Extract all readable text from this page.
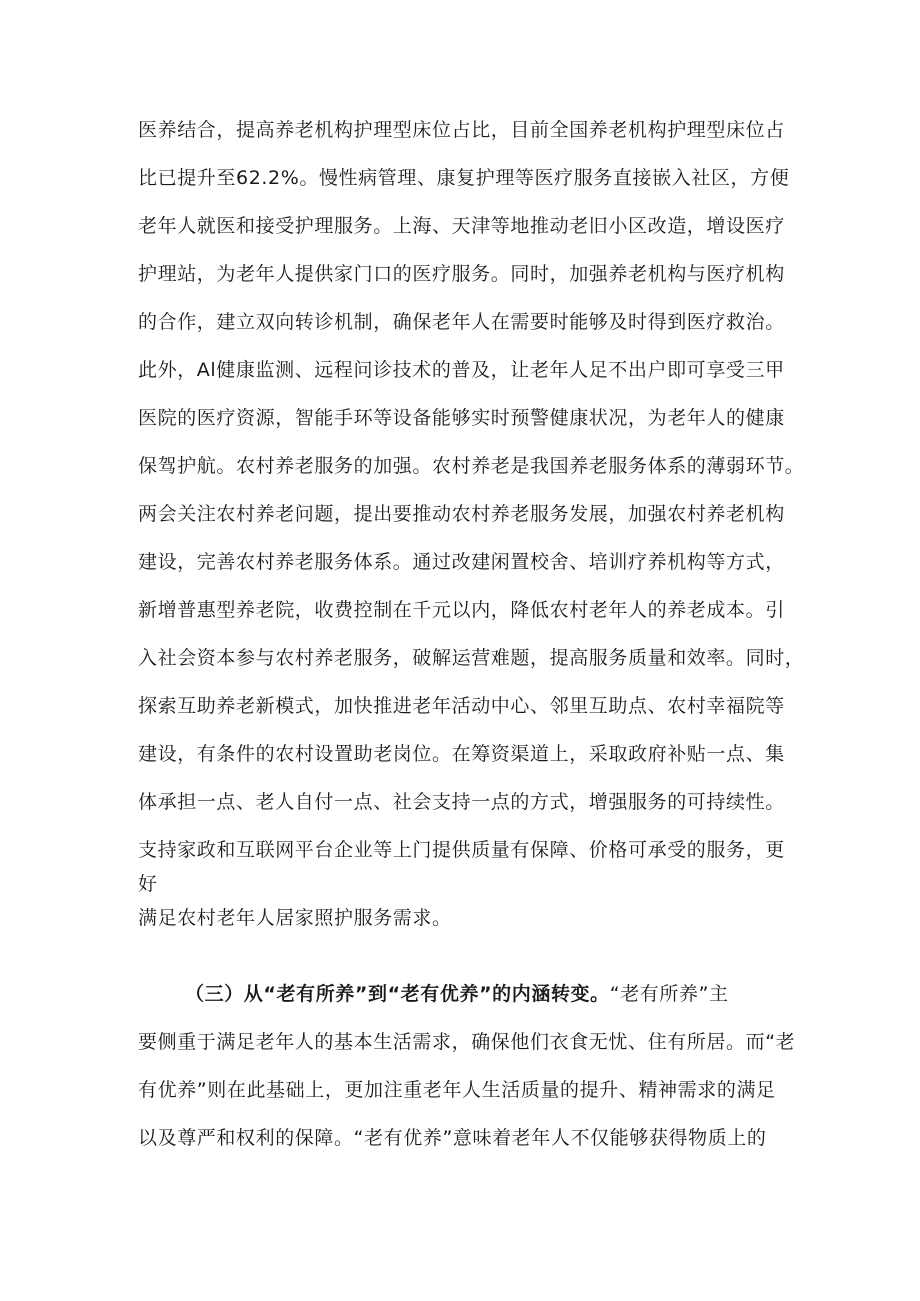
医养结合，提高养老机构护理型床位占比，目前全国养老机构护理型床位占
比已提升至62.2%。慢性病管理、康复护理等医疗服务直接嵌入社区，方便
老年人就医和接受护理服务。上海、天津等地推动老旧小区改造，增设医疗
护理站，为老年人提供家门口的医疗服务。同时，加强养老机构与医疗机构
的合作，建立双向转诊机制，确保老年人在需要时能够及时得到医疗救治。
此外，Al健康监测、远程问诊技术的普及，让老年人足不出户即可享受三甲
医院的医疗资源，智能手环等设备能够实时预警健康状况，为老年人的健康
保驾护航。农村养老服务的加强。农村养老是我国养老服务体系的薄弱环节。
两会关注农村养老问题，提出要推动农村养老服务发展，加强农村养老机构
建设，完善农村养老服务体系。通过改建闲置校舍、培训疗养机构等方式，
新增普惠型养老院，收费控制在千元以内，降低农村老年人的养老成本。引
入社会资本参与农村养老服务，破解运营难题，提高服务质量和效率。同时，
探索互助养老新模式，加快推进老年活动中心、邻里互助点、农村幸福院等
建设，有条件的农村设置助老岗位。在筹资渠道上，采取政府补贴一点、集
体承担一点、老人自付一点、社会支持一点的方式，增强服务的可持续性。
支持家政和互联网平台企业等上门提供质量有保障、价格可承受的服务，更
好
满足农村老年人居家照护服务需求。
（三）从“老有所养”到“老有优养”的内涵转变。“老有所养”主
要侧重于满足老年人的基本生活需求，确保他们衣食无忧、住有所居。而“老
有优养”则在此基础上，更加注重老年人生活质量的提升、精神需求的满足
以及尊严和权利的保障。“老有优养”意味着老年人不仅能够获得物质上的
